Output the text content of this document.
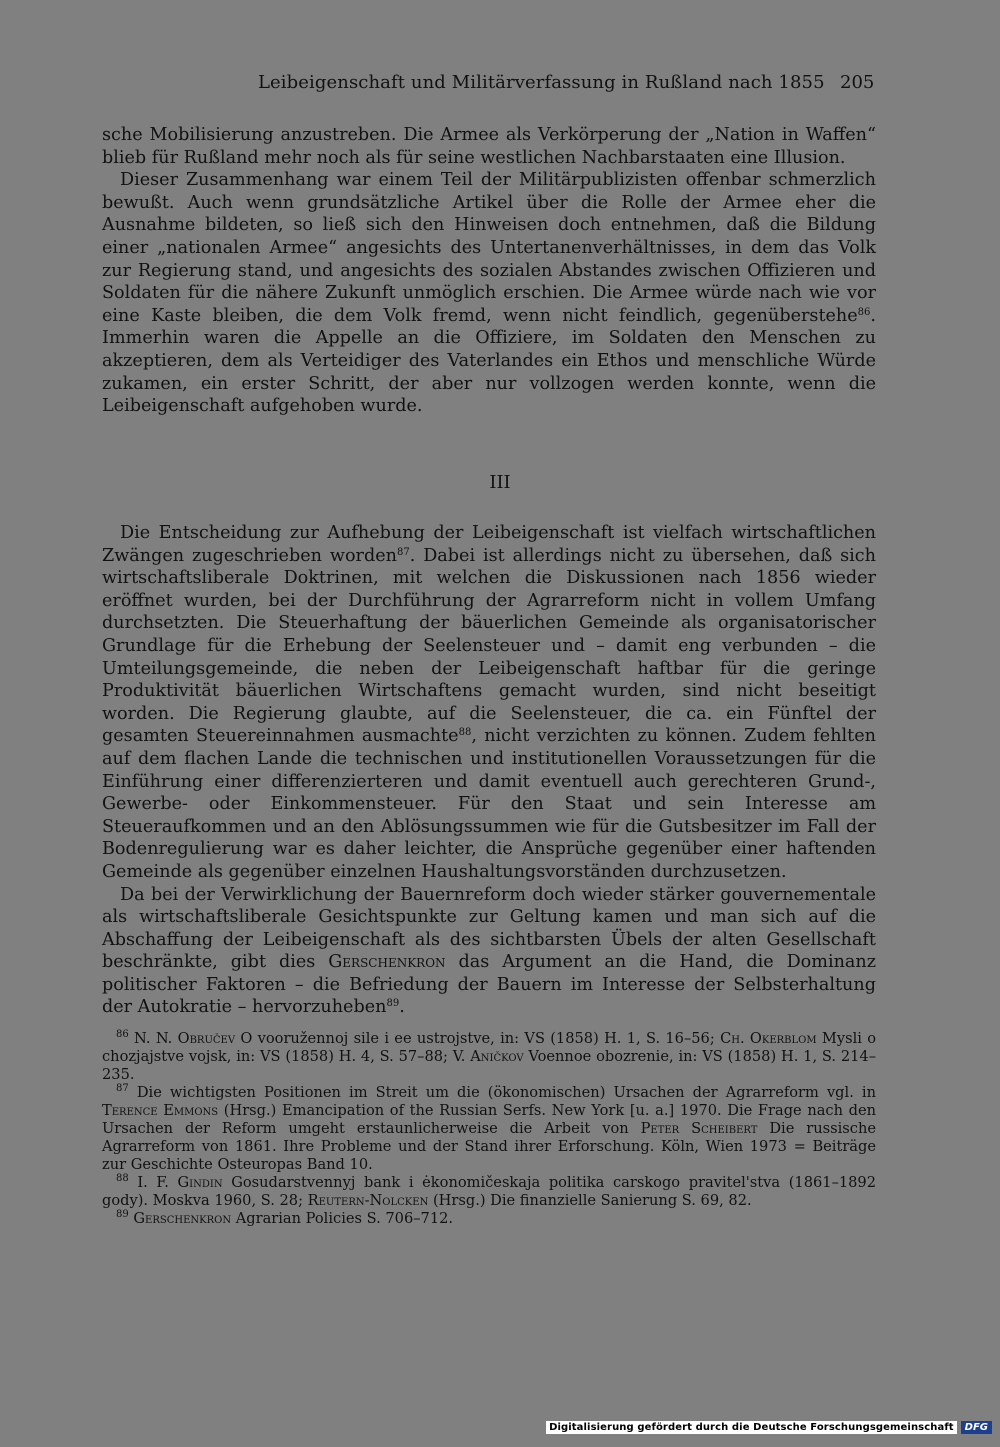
Leibeigenschaft und Militärverfassung in Rußland nach 1855 205

sche Mobilisierung anzustreben. Die Armee als Verkörperung der „Nation in Waffen“ blieb für Rußland mehr noch als für seine westlichen Nachbarstaaten eine Illusion.

Dieser Zusammenhang war einem Teil der Militärpublizisten offenbar schmerzlich bewußt. Auch wenn grundsätzliche Artikel über die Rolle der Armee eher die Ausnahme bildeten, so ließ sich den Hinweisen doch entnehmen, daß die Bildung einer „nationalen Armee“ angesichts des Untertanenverhältnisses, in dem das Volk zur Regierung stand, und angesichts des sozialen Abstandes zwischen Offizieren und Soldaten für die nähere Zukunft unmöglich erschien. Die Armee würde nach wie vor eine Kaste bleiben, die dem Volk fremd, wenn nicht feindlich, gegenüberstehe$^{86}$. Immerhin waren die Appelle an die Offiziere, im Soldaten den Menschen zu akzeptieren, dem als Verteidiger des Vaterlandes ein Ethos und menschliche Würde zukamen, ein erster Schritt, der aber nur vollzogen werden konnte, wenn die Leibeigenschaft aufgehoben wurde.

III

Die Entscheidung zur Aufhebung der Leibeigenschaft ist vielfach wirtschaftlichen Zwängen zugeschrieben worden$^{87}$. Dabei ist allerdings nicht zu übersehen, daß sich wirtschaftsliberale Doktrinen, mit welchen die Diskussionen nach 1856 wieder eröffnet wurden, bei der Durchführung der Agrarreform nicht in vollem Umfang durchsetzten. Die Steuerhaftung der bäuerlichen Gemeinde als organisatorischer Grundlage für die Erhebung der Seelensteuer und – damit eng verbunden – die Umteilungsgemeinde, die neben der Leibeigenschaft haftbar für die geringe Produktivität bäuerlichen Wirtschaftens gemacht wurden, sind nicht beseitigt worden. Die Regierung glaubte, auf die Seelensteuer, die ca. ein Fünftel der gesamten Steuereinnahmen ausmachte$^{88}$, nicht verzichten zu können. Zudem fehlten auf dem flachen Lande die technischen und institutionellen Voraussetzungen für die Einführung einer differenzierteren und damit eventuell auch gerechteren Grund-, Gewerbe- oder Einkommensteuer. Für den Staat und sein Interesse am Steueraufkommen und an den Ablösungssummen wie für die Gutsbesitzer im Fall der Bodenregulierung war es daher leichter, die Ansprüche gegenüber einer haftenden Gemeinde als gegenüber einzelnen Haushaltungsvorständen durchzusetzen.

Da bei der Verwirklichung der Bauernreform doch wieder stärker gouvernementale als wirtschaftsliberale Gesichtspunkte zur Geltung kamen und man sich auf die Abschaffung der Leibeigenschaft als des sichtbarsten Übels der alten Gesellschaft beschränkte, gibt dies Gerschenkron das Argument an die Hand, die Dominanz politischer Faktoren – die Befriedung der Bauern im Interesse der Selbsterhaltung der Autokratie – hervorzuheben$^{89}$.

$^{86}$ N. N. Obručev O vooružennoj sile i ee ustrojstve, in: VS (1858) H. 1, S. 16–56; Ch. Okerblom Mysli o chozjajstve vojsk, in: VS (1858) H. 4, S. 57–88; V. Aničkov Voennoe obozrenie, in: VS (1858) H. 1, S. 214–235.

$^{87}$ Die wichtigsten Positionen im Streit um die (ökonomischen) Ursachen der Agrarreform vgl. in Terence Emmons (Hrsg.) Emancipation of the Russian Serfs. New York [u. a.] 1970. Die Frage nach den Ursachen der Reform umgeht erstaunlicherweise die Arbeit von Peter Scheibert Die russische Agrarreform von 1861. Ihre Probleme und der Stand ihrer Erforschung. Köln, Wien 1973 = Beiträge zur Geschichte Osteuropas Band 10.

$^{88}$ I. F. Gindin Gosudarstvennyj bank i ėkonomičeskaja politika carskogo pravitel'stva (1861–1892 gody). Moskva 1960, S. 28; Reutern-Nolcken (Hrsg.) Die finanzielle Sanierung S. 69, 82.

$^{89}$ Gerschenkron Agrarian Policies S. 706–712.

Digitalisierung gefördert durch die Deutsche Forschungsgemeinschaft	DFG
